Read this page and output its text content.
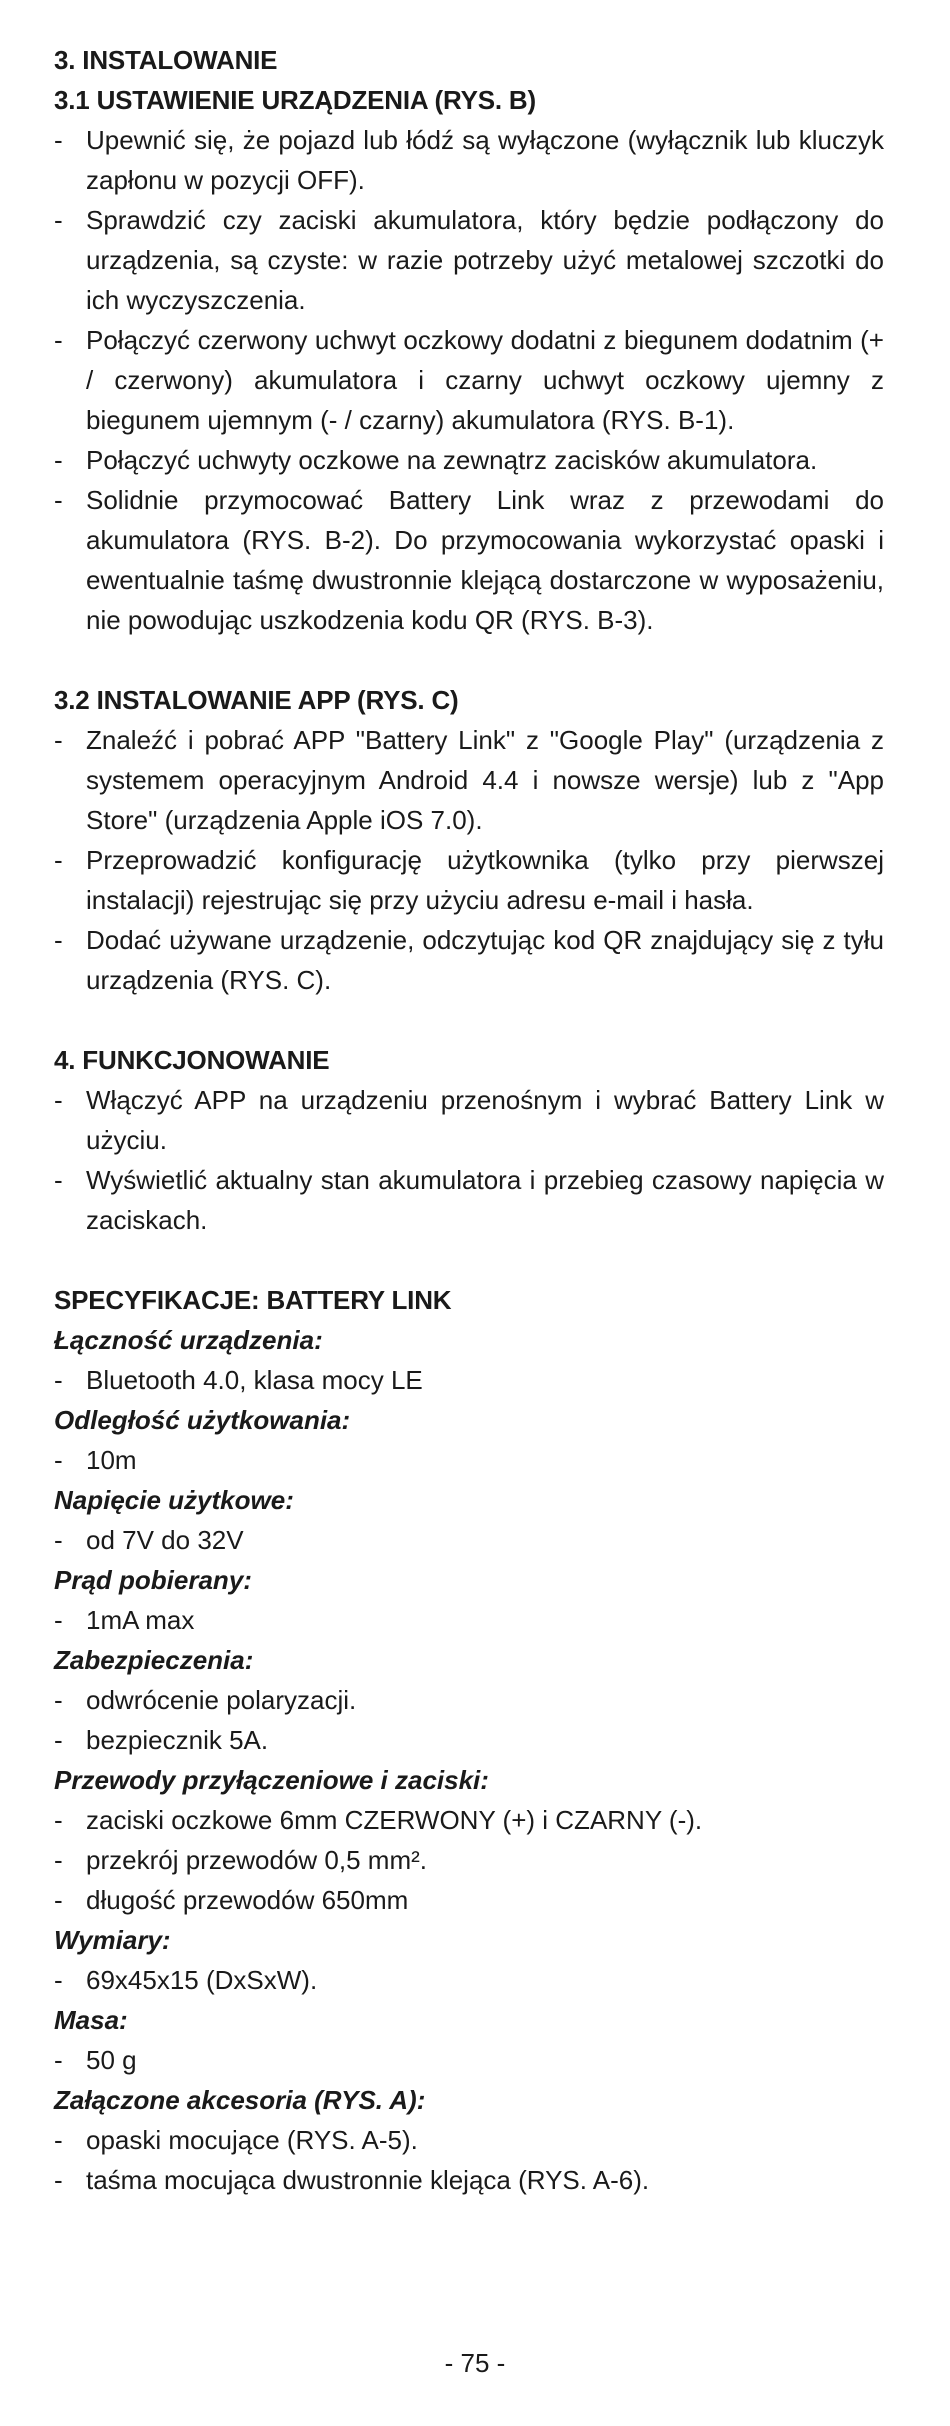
3. INSTALOWANIE
3.1 USTAWIENIE URZĄDZENIA (RYS. B)
- Upewnić się, że pojazd lub łódź są wyłączone (wyłącznik lub kluczyk zapłonu w pozycji OFF).
- Sprawdzić czy zaciski akumulatora, który będzie podłączony do urządzenia, są czyste: w razie potrzeby użyć metalowej szczotki do ich wyczyszczenia.
- Połączyć czerwony uchwyt oczkowy dodatni z biegunem dodatnim (+ / czerwony) akumulatora i czarny uchwyt oczkowy ujemny z biegunem ujemnym (- / czarny) akumulatora (RYS. B-1).
- Połączyć uchwyty oczkowe na zewnątrz zacisków akumulatora.
- Solidnie przymocować Battery Link wraz z przewodami do akumulatora (RYS. B-2). Do przymocowania wykorzystać opaski i ewentualnie taśmę dwustronnie klejącą dostarczone w wyposażeniu, nie powodując uszkodzenia kodu QR (RYS. B-3).
3.2 INSTALOWANIE APP (RYS. C)
- Znaleźć i pobrać APP "Battery Link" z "Google Play" (urządzenia z systemem operacyjnym Android 4.4 i nowsze wersje) lub z "App Store" (urządzenia Apple iOS 7.0).
- Przeprowadzić konfigurację użytkownika (tylko przy pierwszej instalacji) rejestrując się przy użyciu adresu e-mail i hasła.
- Dodać używane urządzenie, odczytując kod QR znajdujący się z tyłu urządzenia (RYS. C).
4. FUNKCJONOWANIE
- Włączyć APP na urządzeniu przenośnym i wybrać Battery Link w użyciu.
- Wyświetlić aktualny stan akumulatora i przebieg czasowy napięcia w zaciskach.
SPECYFIKACJE: BATTERY LINK
Łączność urządzenia:
- Bluetooth 4.0, klasa mocy LE
Odległość użytkowania:
- 10m
Napięcie użytkowe:
- od 7V do 32V
Prąd pobierany:
- 1mA max
Zabezpieczenia:
- odwrócenie polaryzacji.
- bezpiecznik 5A.
Przewody przyłączeniowe i zaciski:
- zaciski oczkowe 6mm CZERWONY (+) i CZARNY (-).
- przekrój przewodów 0,5 mm².
- długość przewodów 650mm
Wymiary:
- 69x45x15 (DxSxW).
Masa:
- 50 g
Załączone akcesoria (RYS. A):
- opaski mocujące (RYS. A-5).
- taśma mocująca dwustronnie klejąca (RYS. A-6).
- 75 -
